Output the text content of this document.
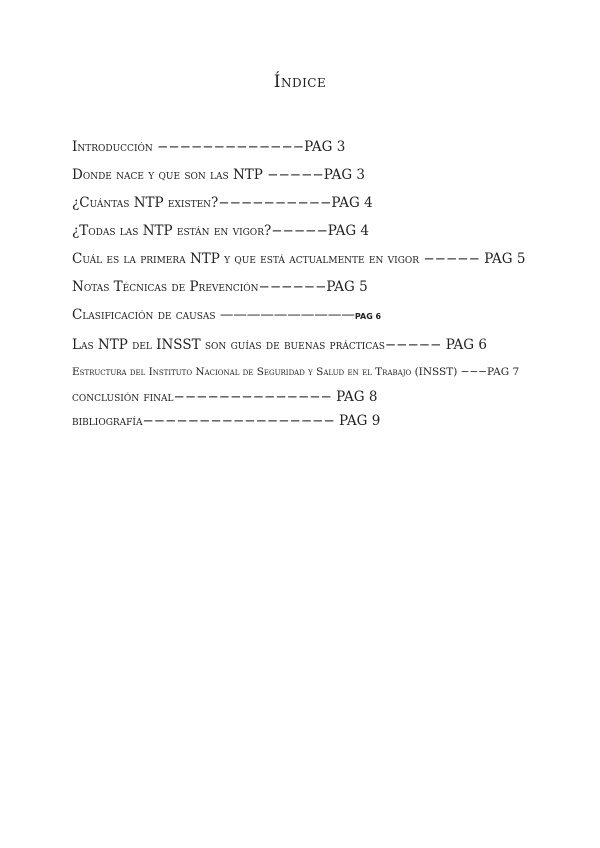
Índice
Introducción −−−−−−−−−−−−−PAG 3
Donde nace y que son las NTP −−−−−PAG 3
¿Cuántas NTP existen?−−−−−−−−−−PAG 4
¿Todas las NTP están en vigor?−−−−−PAG 4
Cuál es la primera NTP y que está actualmente en vigor −−−−− PAG 5
Notas Técnicas de Prevención−−−−−−PAG 5
Clasificación de causas ——————————PAG 6
Las NTP del INSST son guías de buenas prácticas−−−−− PAG 6
Estructura del Instituto Nacional de Seguridad y Salud en el Trabajo (INSST) −−−PAG 7
conclusión final−−−−−−−−−−−−−− PAG 8
bibliografía−−−−−−−−−−−−−−−−− PAG 9
